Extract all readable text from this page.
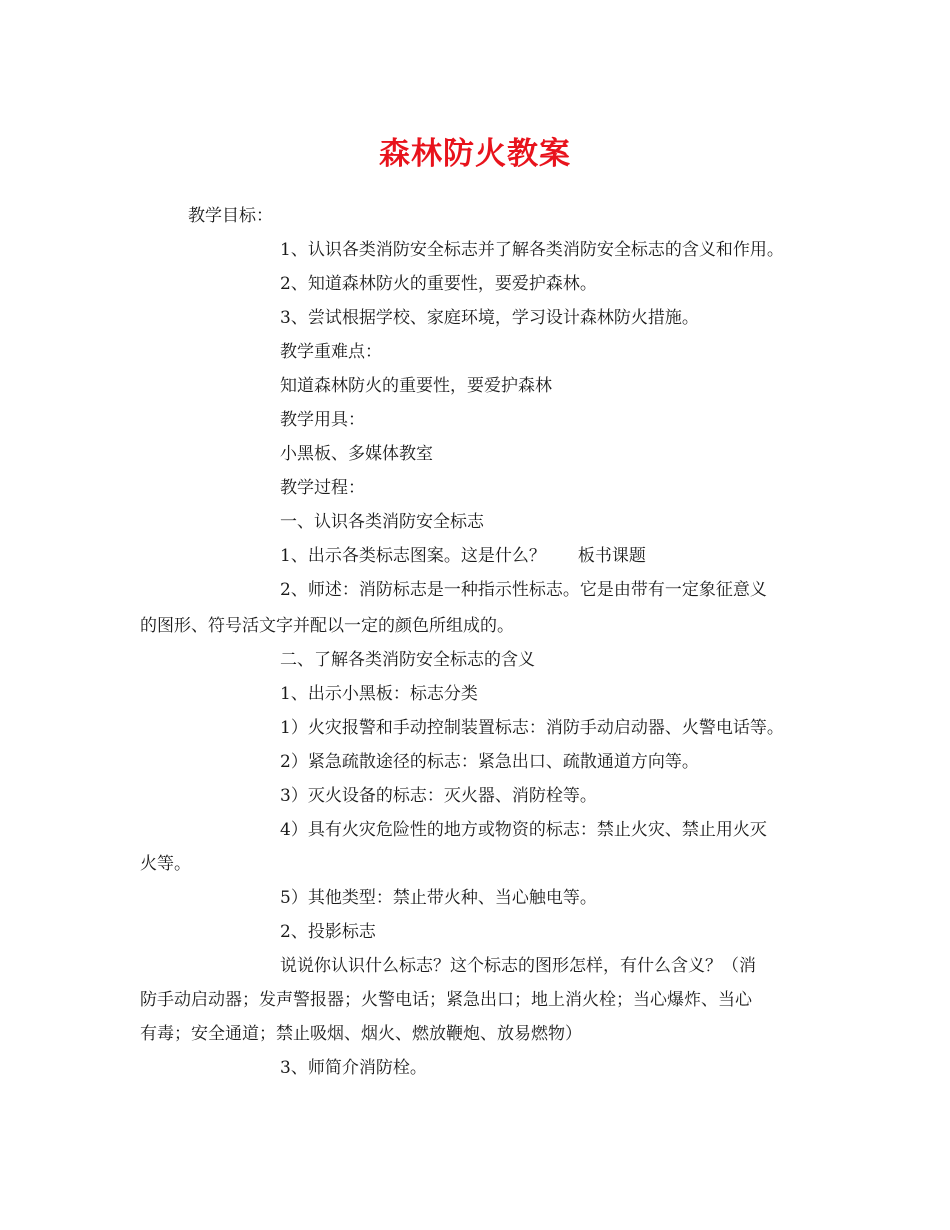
森林防火教案
教学目标：
1、认识各类消防安全标志并了解各类消防安全标志的含义和作用。
2、知道森林防火的重要性，要爱护森林。
3、尝试根据学校、家庭环境，学习设计森林防火措施。
教学重难点：
知道森林防火的重要性，要爱护森林
教学用具：
小黑板、多媒体教室
教学过程：
一、认识各类消防安全标志
1、出示各类标志图案。这是什么？ 板书课题
2、师述：消防标志是一种指示性标志。它是由带有一定象征意义
的图形、符号活文字并配以一定的颜色所组成的。
二、了解各类消防安全标志的含义
1、出示小黑板：标志分类
1）火灾报警和手动控制装置标志：消防手动启动器、火警电话等。
2）紧急疏散途径的标志：紧急出口、疏散通道方向等。
3）灭火设备的标志：灭火器、消防栓等。
4）具有火灾危险性的地方或物资的标志：禁止火灾、禁止用火灭
火等。
5）其他类型：禁止带火种、当心触电等。
2、投影标志
说说你认识什么标志？这个标志的图形怎样，有什么含义？（消
防手动启动器；发声警报器；火警电话；紧急出口；地上消火栓；当心爆炸、当心
有毒；安全通道；禁止吸烟、烟火、燃放鞭炮、放易燃物）
3、师简介消防栓。
